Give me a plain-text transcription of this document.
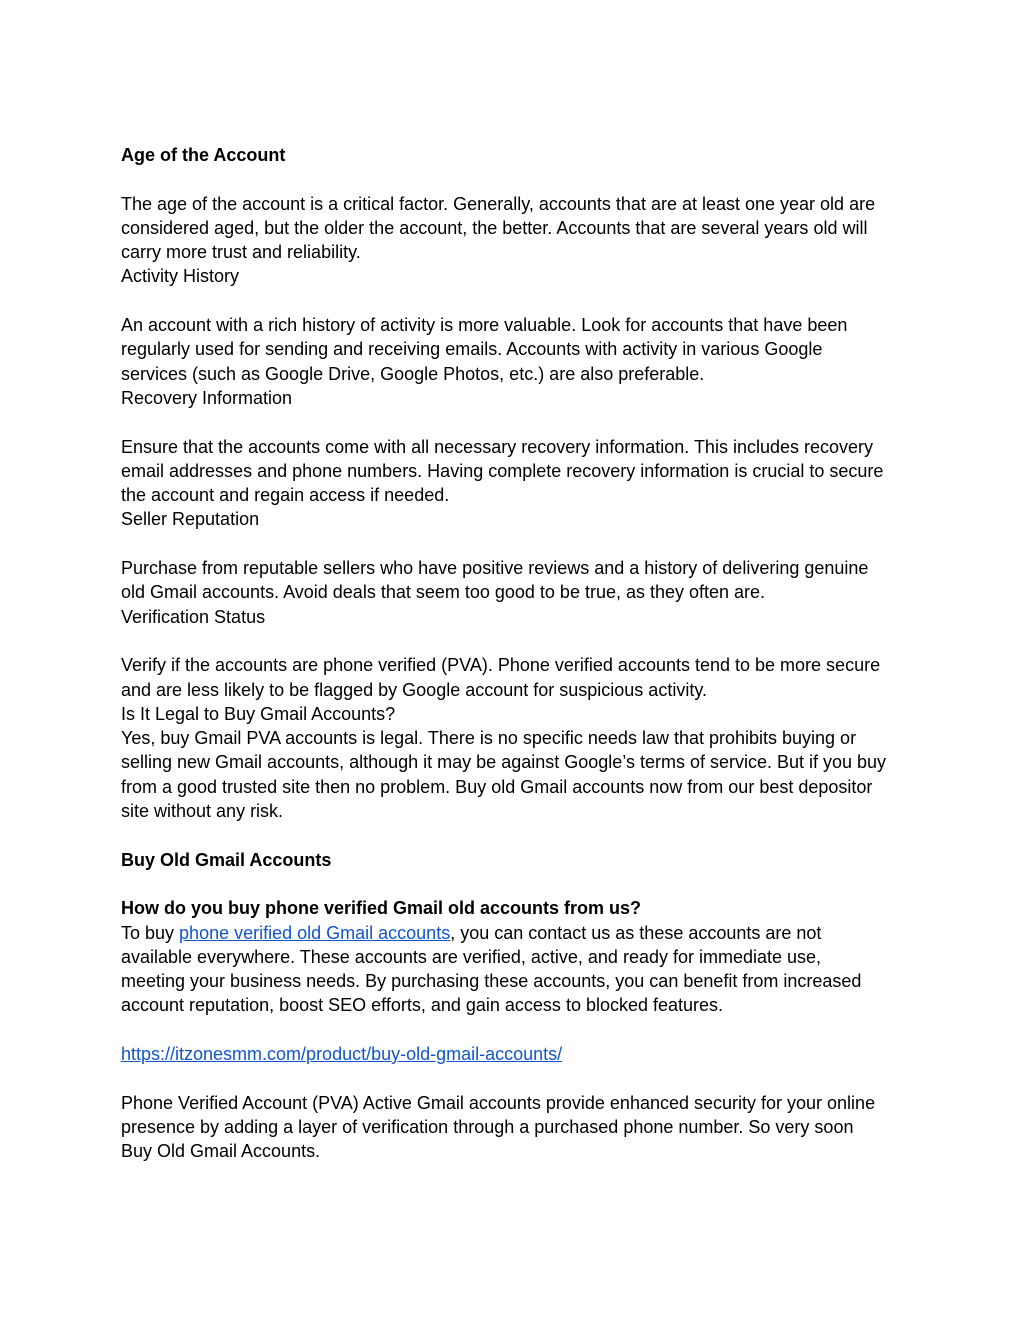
Age of the Account
The age of the account is a critical factor. Generally, accounts that are at least one year old are
considered aged, but the older the account, the better. Accounts that are several years old will
carry more trust and reliability.
Activity History
An account with a rich history of activity is more valuable. Look for accounts that have been
regularly used for sending and receiving emails. Accounts with activity in various Google
services (such as Google Drive, Google Photos, etc.) are also preferable.
Recovery Information
Ensure that the accounts come with all necessary recovery information. This includes recovery
email addresses and phone numbers. Having complete recovery information is crucial to secure
the account and regain access if needed.
Seller Reputation
Purchase from reputable sellers who have positive reviews and a history of delivering genuine
old Gmail accounts. Avoid deals that seem too good to be true, as they often are.
Verification Status
Verify if the accounts are phone verified (PVA). Phone verified accounts tend to be more secure
and are less likely to be flagged by Google account for suspicious activity.
Is It Legal to Buy Gmail Accounts?
Yes, buy Gmail PVA accounts is legal. There is no specific needs law that prohibits buying or
selling new Gmail accounts, although it may be against Google’s terms of service. But if you buy
from a good trusted site then no problem. Buy old Gmail accounts now from our best depositor
site without any risk.
Buy Old Gmail Accounts
How do you buy phone verified Gmail old accounts from us?
To buy phone verified old Gmail accounts, you can contact us as these accounts are not
available everywhere. These accounts are verified, active, and ready for immediate use,
meeting your business needs. By purchasing these accounts, you can benefit from increased
account reputation, boost SEO efforts, and gain access to blocked features.
https://itzonesmm.com/product/buy-old-gmail-accounts/
Phone Verified Account (PVA) Active Gmail accounts provide enhanced security for your online
presence by adding a layer of verification through a purchased phone number. So very soon
Buy Old Gmail Accounts.
